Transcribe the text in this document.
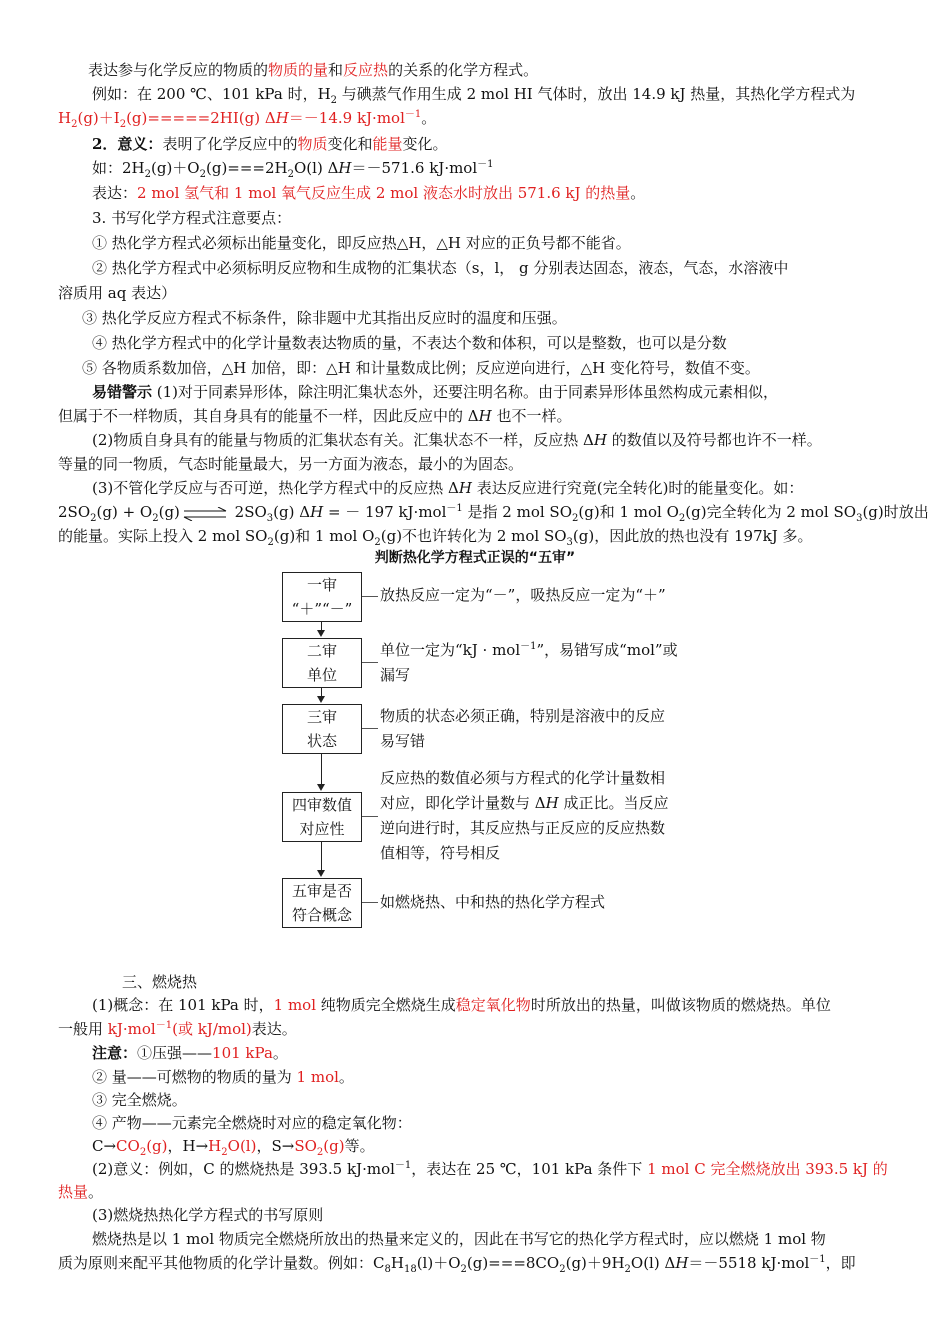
表达参与化学反应的物质的物质的量和反应热的关系的化学方程式。
例如：在 200 ℃、101 kPa 时，$H_2$ 与碘蒸气作用生成 2 mol HI 气体时，放出 14.9 kJ 热量，其热化学方程式为
$H_2(g)+I_2(g)=====2HI(g)$ ΔH＝－14.9 kJ·mol$^{-1}$。
2．意义：表明了化学反应中的物质变化和能量变化。
如：$2H_2(g)+O_2(g)===2H_2O(l)$ ΔH＝－571.6 kJ·mol$^{-1}$
表达：2 mol 氢气和 1 mol 氧气反应生成 2 mol 液态水时放出 571.6 kJ 的热量。
3. 书写化学方程式注意要点：
① 热化学方程式必须标出能量变化，即反应热△H，△H 对应的正负号都不能省。
② 热化学方程式中必须标明反应物和生成物的汇集状态（s，l， g 分别表达固态，液态，气态，水溶液中
溶质用 aq 表达）
③ 热化学反应方程式不标条件，除非题中尤其指出反应时的温度和压强。
④ 热化学方程式中的化学计量数表达物质的量，不表达个数和体积，可以是整数，也可以是分数
⑤ 各物质系数加倍，△H 加倍，即：△H 和计量数成比例；反应逆向进行，△H 变化符号，数值不变。
易错警示 (1)对于同素异形体，除注明汇集状态外，还要注明名称。由于同素异形体虽然构成元素相似，
但属于不一样物质，其自身具有的能量不一样，因此反应中的 ΔH 也不一样。
(2)物质自身具有的能量与物质的汇集状态有关。汇集状态不一样，反应热 ΔH 的数值以及符号都也许不一样。
等量的同一物质，气态时能量最大，另一方面为液态，最小的为固态。
(3)不管化学反应与否可逆，热化学方程式中的反应热 ΔH 表达反应进行究竟(完全转化)时的能量变化。如：
$2SO_2(g) + O_2(g)$ ⇌ $2SO_3(g) \Delta H$ = － 197 kJ·mol$^{-1}$ 是指 2 mol $SO_2(g)$和 1 mol $O_2(g)$完全转化为 2 mol $SO_3(g)$时放出
的能量。实际上投入 2 mol $SO_2(g)$和 1 mol $O_2(g)$不也许转化为 2 mol $SO_3(g)$，因此放的热也没有 197kJ 多。
判断热化学方程式正误的“五审”
一审
“＋”“－”
二审
单位
三审
状态
四审数值
对应性
五审是否
符合概念
放热反应一定为“－”，吸热反应一定为“＋”
单位一定为“kJ · mol$^{-1}$”，易错写成“mol”或
漏写
物质的状态必须正确，特别是溶液中的反应
易写错
反应热的数值必须与方程式的化学计量数相
对应，即化学计量数与 ΔH 成正比。当反应
逆向进行时，其反应热与正反应的反应热数
值相等，符号相反
如燃烧热、中和热的热化学方程式
三、燃烧热
(1)概念：在 101 kPa 时，1 mol 纯物质完全燃烧生成稳定氧化物时所放出的热量，叫做该物质的燃烧热。单位
一般用 kJ·mol$^{-1}$(或 kJ/mol)表达。
注意：①压强——101 kPa。
② 量——可燃物的物质的量为 1 mol。
③ 完全燃烧。
④ 产物——元素完全燃烧时对应的稳定氧化物：
$C\to CO_2(g)$，$H\to H_2O(l)$，$S\to SO_2(g)$等。
(2)意义：例如，C 的燃烧热是 393.5 kJ·mol$^{-1}$，表达在 25 ℃，101 kPa 条件下 1 mol C 完全燃烧放出 393.5 kJ 的
热量。
(3)燃烧热热化学方程式的书写原则
燃烧热是以 1 mol 物质完全燃烧所放出的热量来定义的，因此在书写它的热化学方程式时，应以燃烧 1 mol 物
质为原则来配平其他物质的化学计量数。例如：$C_8H_{18}(l)+O_2(g)===8CO_2(g)+9H_2O(l)$ ΔH＝－5518 kJ·mol$^{-1}$，即
